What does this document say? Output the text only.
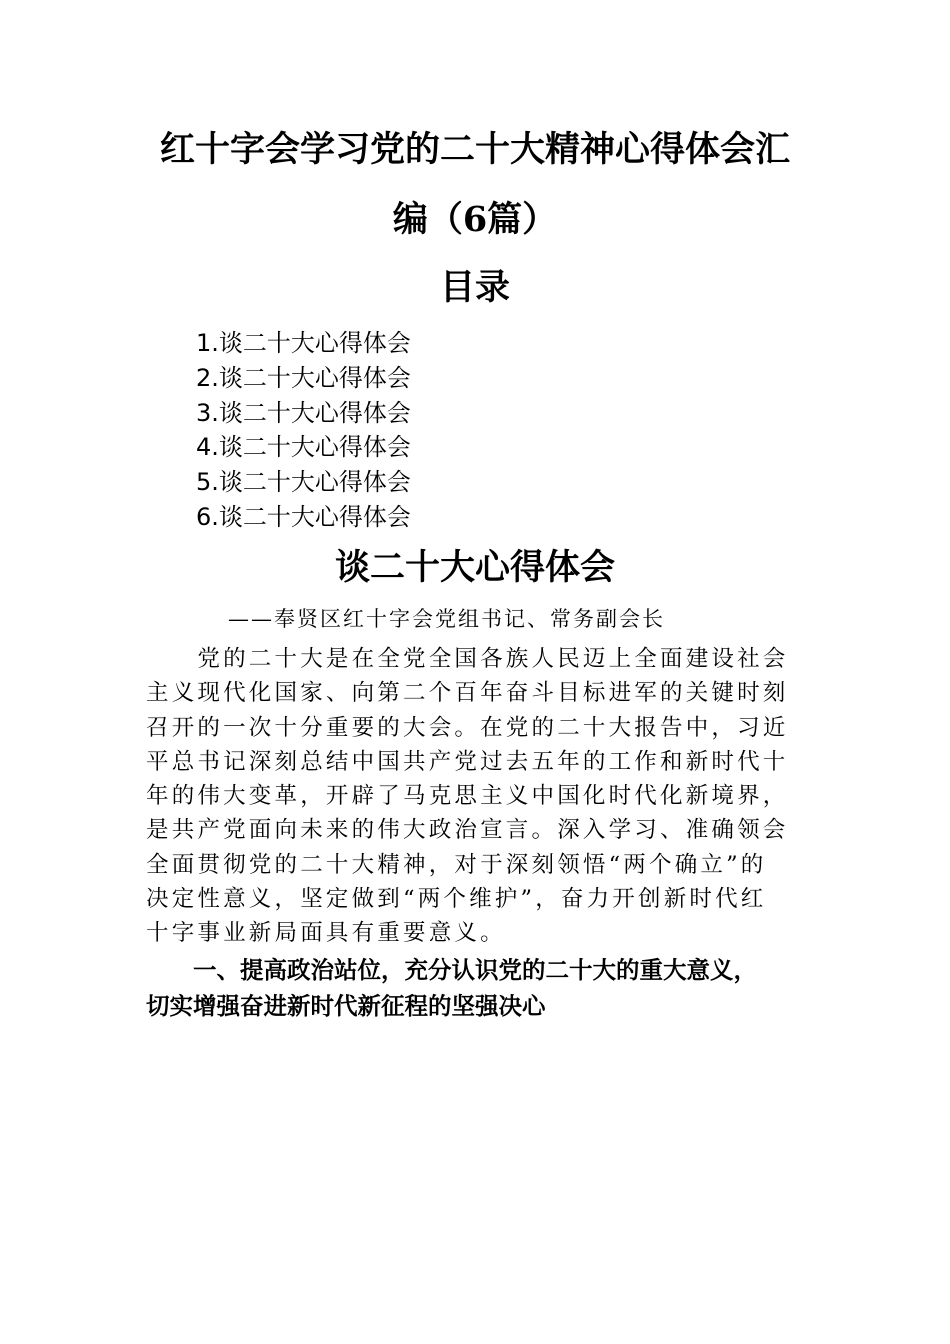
红十字会学习党的二十大精神心得体会汇
编（6篇）
目录
1.谈二十大心得体会
2.谈二十大心得体会
3.谈二十大心得体会
4.谈二十大心得体会
5.谈二十大心得体会
6.谈二十大心得体会
谈二十大心得体会
——奉贤区红十字会党组书记、常务副会长
　　党的二十大是在全党全国各族人民迈上全面建设社会
主义现代化国家、向第二个百年奋斗目标进军的关键时刻
召开的一次十分重要的大会。在党的二十大报告中，习近
平总书记深刻总结中国共产党过去五年的工作和新时代十
年的伟大变革，开辟了马克思主义中国化时代化新境界，
是共产党面向未来的伟大政治宣言。深入学习、准确领会
全面贯彻党的二十大精神，对于深刻领悟“两个确立”的
决定性意义，坚定做到“两个维护”，奋力开创新时代红
十字事业新局面具有重要意义。
　　一、提高政治站位，充分认识党的二十大的重大意义，
切实增强奋进新时代新征程的坚强决心
